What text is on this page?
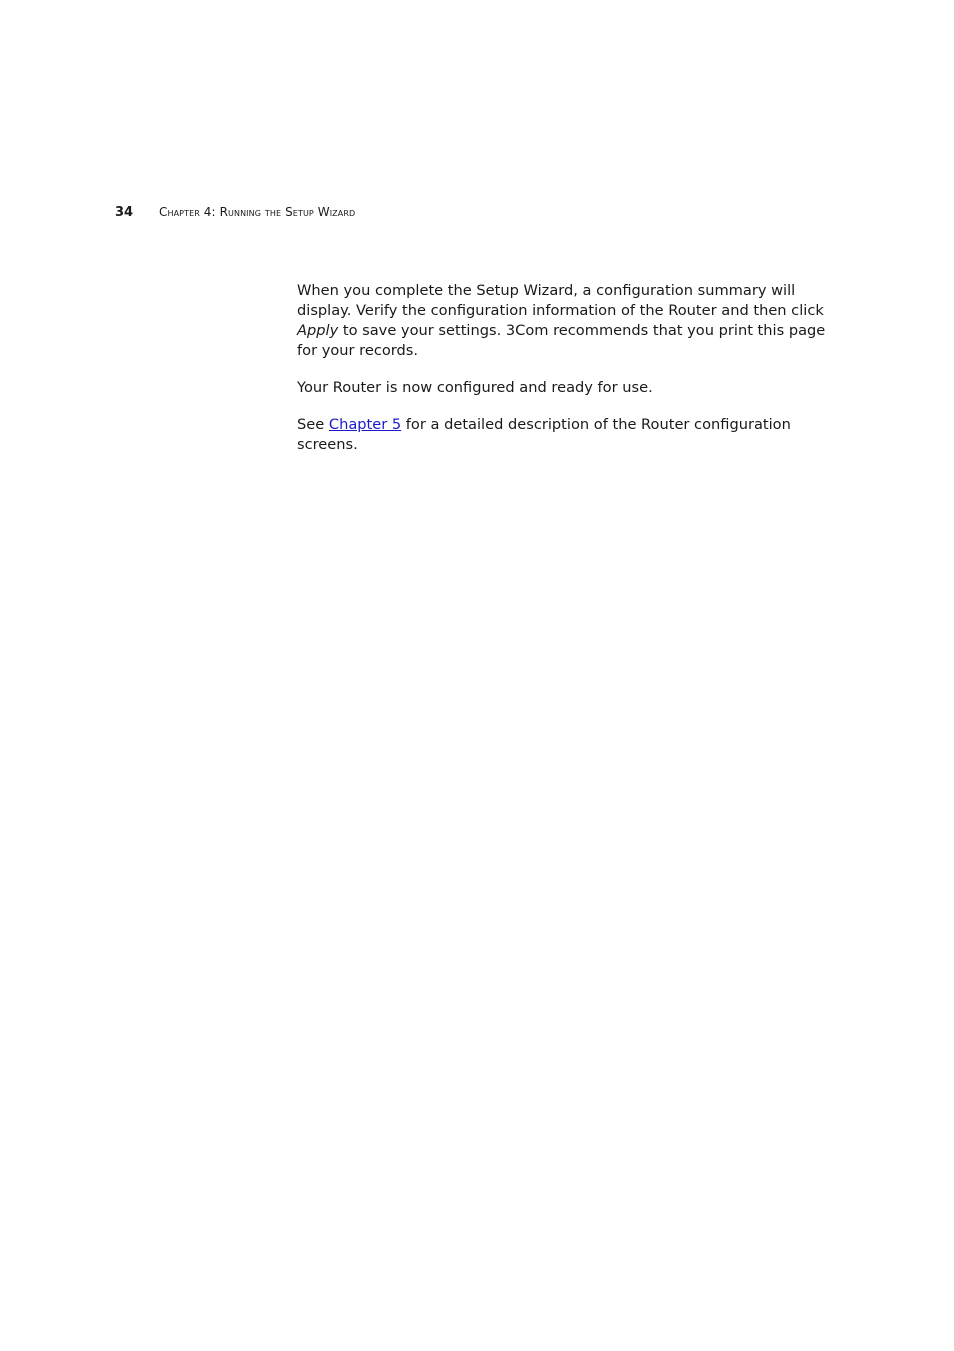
34	Chapter 4: Running the Setup Wizard

When you complete the Setup Wizard, a configuration summary will display. Verify the configuration information of the Router and then click Apply to save your settings. 3Com recommends that you print this page for your records.

Your Router is now configured and ready for use.

See Chapter 5 for a detailed description of the Router configuration screens.
